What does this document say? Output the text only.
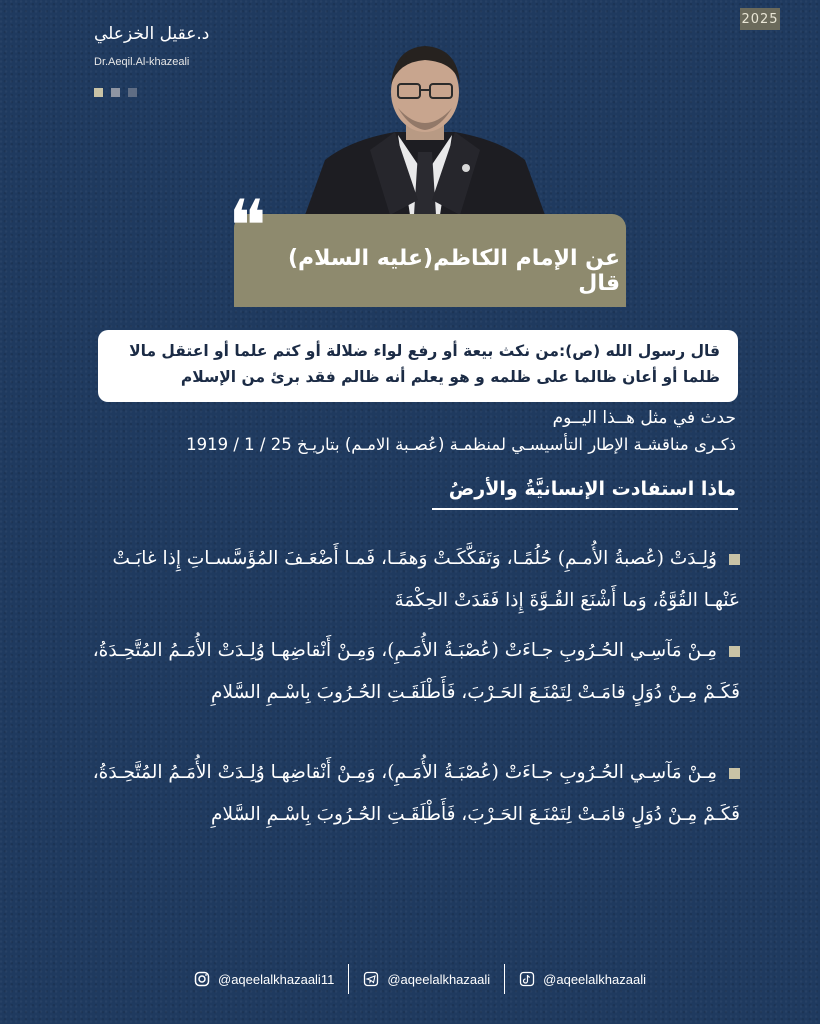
2025
د.عقيل الخزعلي
Dr.Aeqil.Al-khazeali
❝ عن الإمام الكاظم(عليه السلام) قال
قال رسول الله (ص):من نكث بيعة أو رفع لواء ضلالة أو كتم علما أو اعتقل مالا ظلما أو أعان ظالما على ظلمه و هو يعلم أنه ظالم فقد برئ من الإسلام
حدث في مثل هــذا اليــوم
ذكـرى مناقشـة الإطار التأسيسـي لمنظمـة (عُصـبة الامـم) بتاريـخ 25 / 1 / 1919
ماذا استفادت الإنسانيَّةُ والأرضُ
وُلِـدَتْ (عُصبةُ الأُمـمِ) حُلُمًـا، وَتَفَكَّكَـتْ وَهمًـا، فَمـا أَضْعَـفَ المُؤَسَّسـاتِ إِذا غابَـتْ عَنْهـا القُوَّةُ، وَما أَشْنَعَ القُـوَّةَ إِذا فَقَدَتْ الحِكْمَةَ
مِـنْ مَآسِـي الحُـرُوبِ جـاءَتْ (عُصْبَـةُ الأُمَـمِ)، وَمِـنْ أَنْقاضِهـا وُلِـدَتْ الأُمَـمُ المُتَّحِـدَةُ، فَكَـمْ مِـنْ دُوَلٍ قامَـتْ لِتَمْنَـعَ الحَـرْبَ، فَأَطْلَقَـتِ الحُـرُوبَ بِاسْـمِ السَّلامِ
مِـنْ مَآسِـي الحُـرُوبِ جـاءَتْ (عُصْبَـةُ الأُمَـمِ)، وَمِـنْ أَنْقاضِهـا وُلِـدَتْ الأُمَـمُ المُتَّحِـدَةُ، فَكَـمْ مِـنْ دُوَلٍ قامَـتْ لِتَمْنَـعَ الحَـرْبَ، فَأَطْلَقَـتِ الحُـرُوبَ بِاسْـمِ السَّلامِ
@aqeelalkhazaali11	@aqeelalkhazaali	@aqeelalkhazaali
